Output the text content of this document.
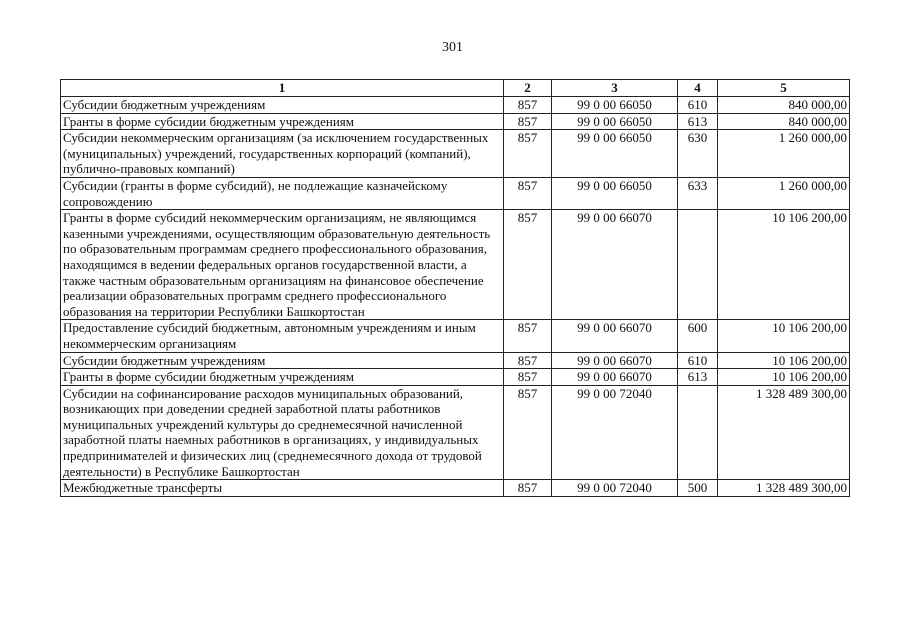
301
1	2	3	4	5
Субсидии бюджетным учреждениям	857	99 0 00 66050	610	840 000,00
Гранты в форме субсидии бюджетным учреждениям	857	99 0 00 66050	613	840 000,00
Субсидии некоммерческим организациям (за исключением государственных (муниципальных) учреждений, государственных корпораций (компаний), публично-правовых компаний)	857	99 0 00 66050	630	1 260 000,00
Субсидии (гранты в форме субсидий), не подлежащие казначейскому сопровождению	857	99 0 00 66050	633	1 260 000,00
Гранты в форме субсидий некоммерческим организациям, не являющимся казенными учреждениями, осуществляющим образовательную деятельность по образовательным программам среднего профессионального образования, находящимся в ведении федеральных органов государственной власти, а также частным образовательным организациям на финансовое обеспечение реализации образовательных программ среднего профессионального образования на территории Республики Башкортостан	857	99 0 00 66070		10 106 200,00
Предоставление субсидий бюджетным, автономным учреждениям и иным некоммерческим организациям	857	99 0 00 66070	600	10 106 200,00
Субсидии бюджетным учреждениям	857	99 0 00 66070	610	10 106 200,00
Гранты в форме субсидии бюджетным учреждениям	857	99 0 00 66070	613	10 106 200,00
Субсидии на софинансирование расходов муниципальных образований, возникающих при доведении средней заработной платы работников муниципальных учреждений культуры до среднемесячной начисленной заработной платы наемных работников в организациях, у индивидуальных предпринимателей и физических лиц (среднемесячного дохода от трудовой деятельности) в Республике Башкортостан	857	99 0 00 72040		1 328 489 300,00
Межбюджетные трансферты	857	99 0 00 72040	500	1 328 489 300,00
